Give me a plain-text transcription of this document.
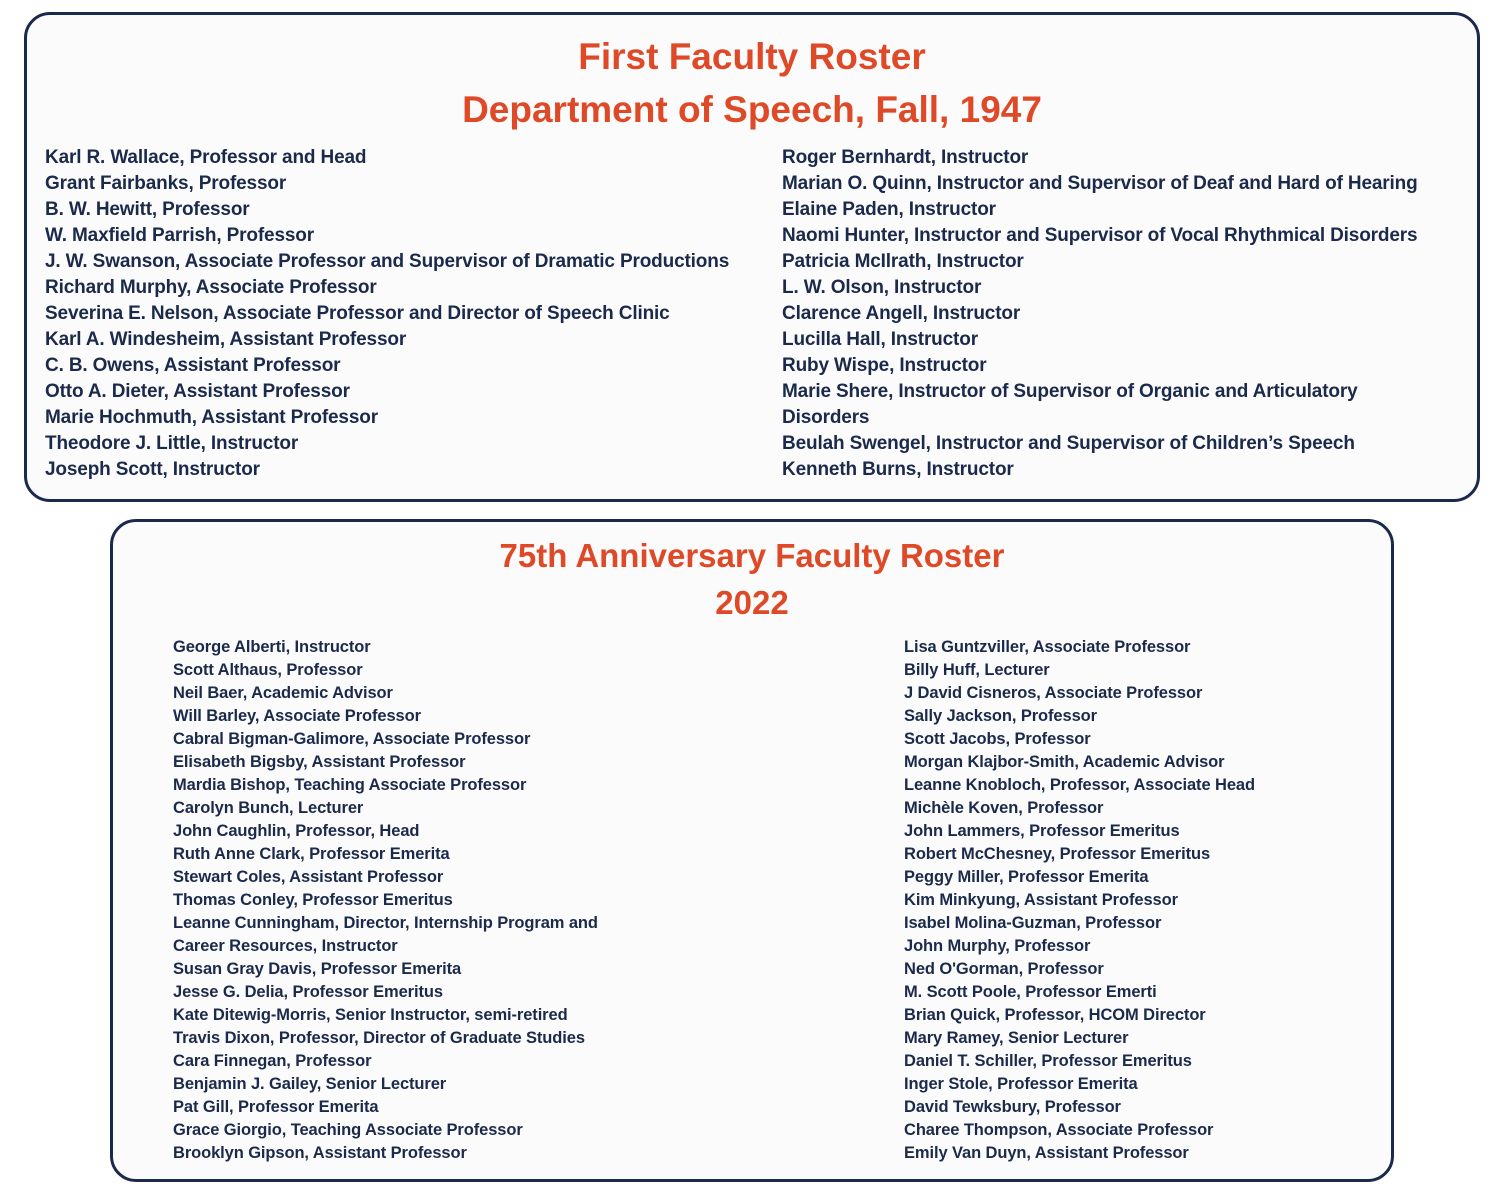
First Faculty Roster
Department of Speech, Fall, 1947
Karl R. Wallace, Professor and Head
Grant Fairbanks, Professor
B. W. Hewitt, Professor
W. Maxfield Parrish, Professor
J. W. Swanson, Associate Professor and Supervisor of Dramatic Productions
Richard Murphy, Associate Professor
Severina E. Nelson, Associate Professor and Director of Speech Clinic
Karl A. Windesheim, Assistant Professor
C. B. Owens, Assistant Professor
Otto A. Dieter, Assistant Professor
Marie Hochmuth, Assistant Professor
Theodore J. Little, Instructor
Joseph Scott, Instructor
Roger Bernhardt, Instructor
Marian O. Quinn, Instructor and Supervisor of Deaf and Hard of Hearing
Elaine Paden, Instructor
Naomi Hunter, Instructor and Supervisor of Vocal Rhythmical Disorders
Patricia McIlrath, Instructor
L. W. Olson, Instructor
Clarence Angell, Instructor
Lucilla Hall, Instructor
Ruby Wispe, Instructor
Marie Shere, Instructor of Supervisor of Organic and Articulatory
Disorders
Beulah Swengel, Instructor and Supervisor of Children’s Speech
Kenneth Burns, Instructor
75th Anniversary Faculty Roster
2022
George Alberti, Instructor
Scott Althaus, Professor
Neil Baer, Academic Advisor
Will Barley, Associate Professor
Cabral Bigman-Galimore, Associate Professor
Elisabeth Bigsby, Assistant Professor
Mardia Bishop, Teaching Associate Professor
Carolyn Bunch, Lecturer
John Caughlin, Professor, Head
Ruth Anne Clark, Professor Emerita
Stewart Coles, Assistant Professor
Thomas Conley, Professor Emeritus
Leanne Cunningham, Director, Internship Program and
Career Resources, Instructor
Susan Gray Davis, Professor Emerita
Jesse G. Delia, Professor Emeritus
Kate Ditewig-Morris, Senior Instructor, semi-retired
Travis Dixon, Professor, Director of Graduate Studies
Cara Finnegan, Professor
Benjamin J. Gailey, Senior Lecturer
Pat Gill, Professor Emerita
Grace Giorgio, Teaching Associate Professor
Brooklyn Gipson, Assistant Professor
Lisa Guntzviller, Associate Professor
Billy Huff, Lecturer
J David Cisneros, Associate Professor
Sally Jackson, Professor
Scott Jacobs, Professor
Morgan Klajbor-Smith, Academic Advisor
Leanne Knobloch, Professor, Associate Head
Michèle Koven, Professor
John Lammers, Professor Emeritus
Robert McChesney, Professor Emeritus
Peggy Miller, Professor Emerita
Kim Minkyung, Assistant Professor
Isabel Molina-Guzman, Professor
John Murphy, Professor
Ned O'Gorman, Professor
M. Scott Poole, Professor Emerti
Brian Quick, Professor, HCOM Director
Mary Ramey, Senior Lecturer
Daniel T. Schiller, Professor Emeritus
Inger Stole, Professor Emerita
David Tewksbury, Professor
Charee Thompson, Associate Professor
Emily Van Duyn, Assistant Professor
